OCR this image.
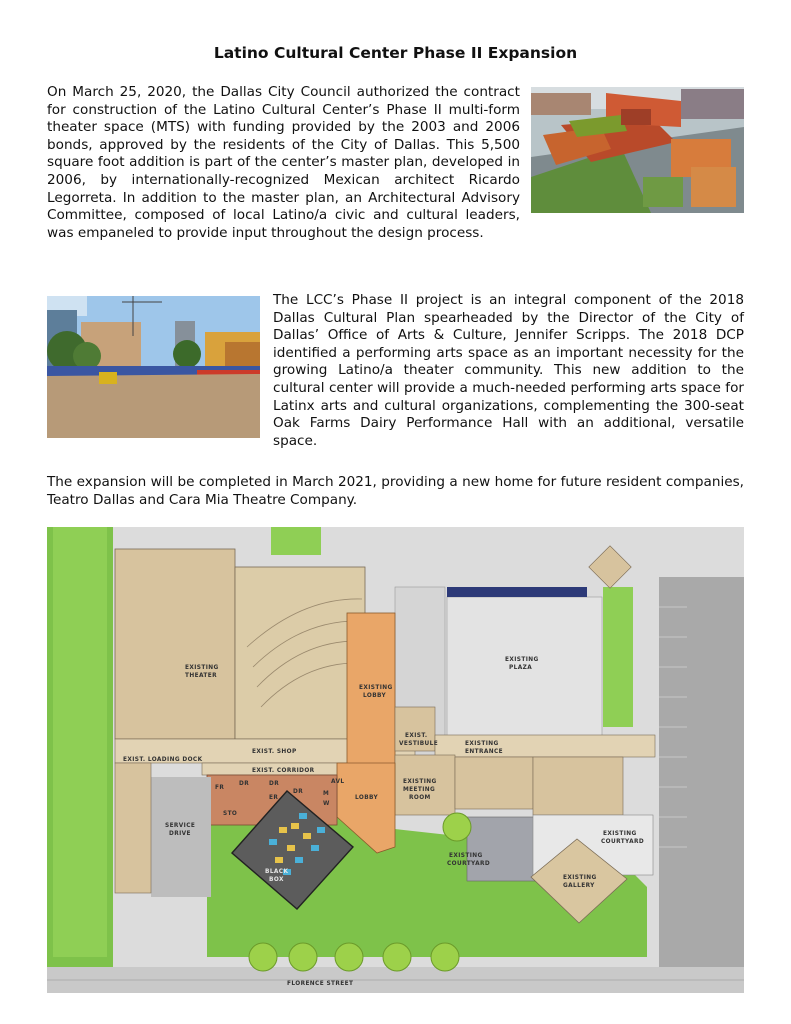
Latino Cultural Center Phase II Expansion
On March 25, 2020, the Dallas City Council authorized the contract for construction of the Latino Cultural Center’s Phase II multi-form theater space (MTS) with funding provided by the 2003 and 2006 bonds, approved by the residents of the City of Dallas. This 5,500 square foot addition is part of the center’s master plan, developed in 2006, by internationally-recognized Mexican architect Ricardo Legorreta. In addition to the master plan, an Architectural Advisory Committee, composed of local Latino/a civic and cultural leaders, was empaneled to provide input throughout the design process.
The LCC’s Phase II project is an integral component of the 2018 Dallas Cultural Plan spearheaded by the Director of the City of Dallas’ Office of Arts & Culture, Jennifer Scripps. The 2018 DCP identified a performing arts space as an important necessity for the growing Latino/a theater community. This new addition to the cultural center will provide a much-needed performing arts space for Latinx arts and cultural organizations, complementing the 300-seat Oak Farms Dairy Performance Hall with an additional, versatile space.
The expansion will be completed in March 2021, providing a new home for future resident companies, Teatro Dallas and Cara Mia Theatre Company.
EXISTING
THEATER
EXISTING
LOBBY
EXISTING
PLAZA
EXIST.
VESTIBULE	EXISTING
ENTRANCE
EXIST. SHOP
EXIST. LOADING DOCK
EXIST. CORRIDOR
EXISTING
MEETING
ROOM
LOBBY
AVL
M
W
FR
DR	DR
DR
ER
STO
BLACK
BOX
SERVICE
DRIVE
EXISTING
COURTYARD
EXISTING
COURTYARD
EXISTING
GALLERY
FLORENCE STREET
